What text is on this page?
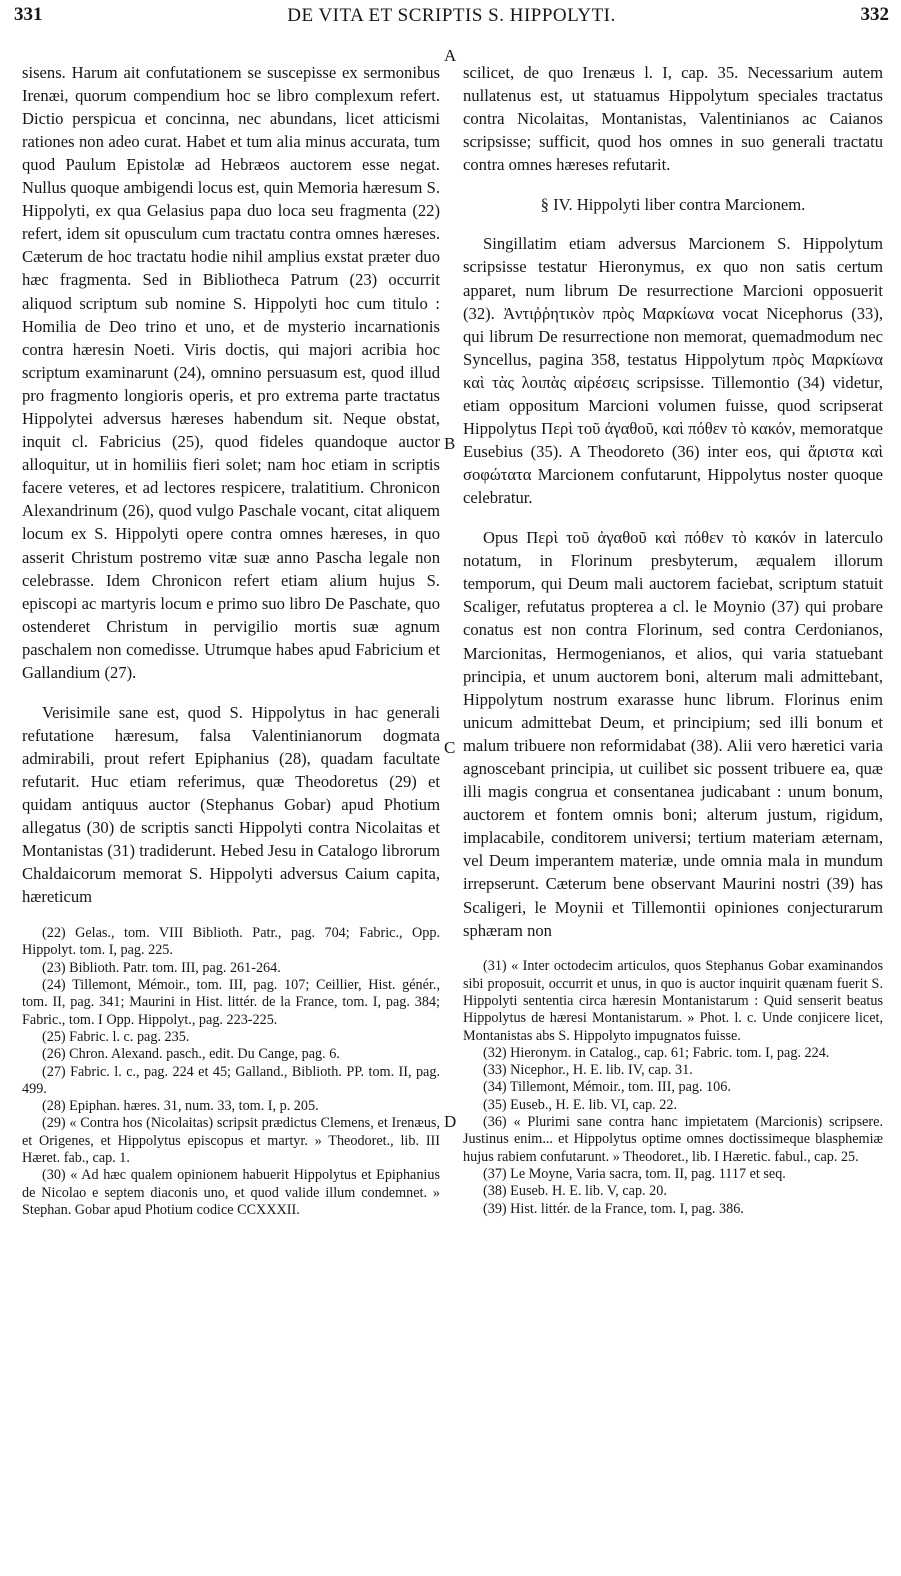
331	DE VITA ET SCRIPTIS S. HIPPOLYTI.	332
A
B
C
D

sisens. Harum ait confutationem se suscepisse ex sermonibus Irenæi, quorum compendium hoc se libro complexum refert. Dictio perspicua et concinna, nec abundans, licet atticismi rationes non adeo curat. Habet et tum alia minus accurata, tum quod Paulum Epistolæ ad Hebræos auctorem esse negat. Nullus quoque ambigendi locus est, quin Memoria hæresum S. Hippolyti, ex qua Gelasius papa duo loca seu fragmenta (22) refert, idem sit opusculum cum tractatu contra omnes hæreses. Cæterum de hoc tractatu hodie nihil amplius exstat præter duo hæc fragmenta. Sed in Bibliotheca Patrum (23) occurrit aliquod scriptum sub nomine S. Hippolyti hoc cum titulo : Homilia de Deo trino et uno, et de mysterio incarnationis contra hæresin Noeti. Viris doctis, qui majori acribia hoc scriptum examinarunt (24), omnino persuasum est, quod illud pro fragmento longioris operis, et pro extrema parte tractatus Hippolytei adversus hæreses habendum sit. Neque obstat, inquit cl. Fabricius (25), quod fideles quandoque auctor alloquitur, ut in homiliis fieri solet; nam hoc etiam in scriptis facere veteres, et ad lectores respicere, tralatitium. Chronicon Alexandrinum (26), quod vulgo Paschale vocant, citat aliquem locum ex S. Hippolyti opere contra omnes hæreses, in quo asserit Christum postremo vitæ suæ anno Pascha legale non celebrasse. Idem Chronicon refert etiam alium hujus S. episcopi ac martyris locum e primo suo libro De Paschate, quo ostenderet Christum in pervigilio mortis suæ agnum paschalem non comedisse. Utrumque habes apud Fabricium et Gallandium (27).

Verisimile sane est, quod S. Hippolytus in hac generali refutatione hæresum, falsa Valentinianorum dogmata admirabili, prout refert Epiphanius (28), quadam facultate refutarit. Huc etiam referimus, quæ Theodoretus (29) et quidam antiquus auctor (Stephanus Gobar) apud Photium allegatus (30) de scriptis sancti Hippolyti contra Nicolaitas et Montanistas (31) tradiderunt. Hebed Jesu in Catalogo librorum Chaldaicorum memorat S. Hippolyti adversus Caium capita, hæreticum

(22) Gelas., tom. VIII Biblioth. Patr., pag. 704; Fabric., Opp. Hippolyt. tom. I, pag. 225.

(23) Biblioth. Patr. tom. III, pag. 261-264.

(24) Tillemont, Mémoir., tom. III, pag. 107; Ceillier, Hist. génér., tom. II, pag. 341; Maurini in Hist. littér. de la France, tom. I, pag. 384; Fabric., tom. I Opp. Hippolyt., pag. 223-225.

(25) Fabric. l. c. pag. 235.

(26) Chron. Alexand. pasch., edit. Du Cange, pag. 6.

(27) Fabric. l. c., pag. 224 et 45; Galland., Biblioth. PP. tom. II, pag. 499.

(28) Epiphan. hæres. 31, num. 33, tom. I, p. 205.

(29) « Contra hos (Nicolaitas) scripsit prædictus Clemens, et Irenæus, et Origenes, et Hippolytus episcopus et martyr. » Theodoret., lib. III Hæret. fab., cap. 1.

(30) « Ad hæc qualem opinionem habuerit Hippolytus et Epiphanius de Nicolao e septem diaconis uno, et quod valide illum condemnet. » Stephan. Gobar apud Photium codice CCXXXII.

scilicet, de quo Irenæus l. I, cap. 35. Necessarium autem nullatenus est, ut statuamus Hippolytum speciales tractatus contra Nicolaitas, Montanistas, Valentinianos ac Caianos scripsisse; sufficit, quod hos omnes in suo generali tractatu contra omnes hæreses refutarit.

§ IV. Hippolyti liber contra Marcionem.

Singillatim etiam adversus Marcionem S. Hippolytum scripsisse testatur Hieronymus, ex quo non satis certum apparet, num librum De resurrectione Marcioni opposuerit (32). Ἀντιῤῥητικὸν πρὸς Μαρκίωνα vocat Nicephorus (33), qui librum De resurrectione non memorat, quemadmodum nec Syncellus, pagina 358, testatus Hippolytum πρὸς Μαρκίωνα καὶ τὰς λοιπὰς αἱρέσεις scripsisse. Tillemontio (34) videtur, etiam oppositum Marcioni volumen fuisse, quod scripserat Hippolytus Περὶ τοῦ ἀγαθοῦ, καὶ πόθεν τὸ κακόν, memoratque Eusebius (35). A Theodoreto (36) inter eos, qui ἄριστα καὶ σοφώτατα Marcionem confutarunt, Hippolytus noster quoque celebratur.

Opus Περὶ τοῦ ἀγαθοῦ καὶ πόθεν τὸ κακόν in laterculo notatum, in Florinum presbyterum, æqualem illorum temporum, qui Deum mali auctorem faciebat, scriptum statuit Scaliger, refutatus propterea a cl. le Moynio (37) qui probare conatus est non contra Florinum, sed contra Cerdonianos, Marcionitas, Hermogenianos, et alios, qui varia statuebant principia, et unum auctorem boni, alterum mali admittebant, Hippolytum nostrum exarasse hunc librum. Florinus enim unicum admittebat Deum, et principium; sed illi bonum et malum tribuere non reformidabat (38). Alii vero hæretici varia agnoscebant principia, ut cuilibet sic possent tribuere ea, quæ illi magis congrua et consentanea judicabant : unum bonum, auctorem et fontem omnis boni; alterum justum, rigidum, implacabile, conditorem universi; tertium materiam æternam, vel Deum imperantem materiæ, unde omnia mala in mundum irrepserunt. Cæterum bene observant Maurini nostri (39) has Scaligeri, le Moynii et Tillemontii opiniones conjecturarum sphæram non

(31) « Inter octodecim articulos, quos Stephanus Gobar examinandos sibi proposuit, occurrit et unus, in quo is auctor inquirit quænam fuerit S. Hippolyti sententia circa hæresin Montanistarum : Quid senserit beatus Hippolytus de hæresi Montanistarum. » Phot. l. c. Unde conjicere licet, Montanistas abs S. Hippolyto impugnatos fuisse.

(32) Hieronym. in Catalog., cap. 61; Fabric. tom. I, pag. 224.

(33) Nicephor., H. E. lib. IV, cap. 31.

(34) Tillemont, Mémoir., tom. III, pag. 106.

(35) Euseb., H. E. lib. VI, cap. 22.

(36) « Plurimi sane contra hanc impietatem (Marcionis) scripsere. Justinus enim... et Hippolytus optime omnes doctissimeque blasphemiæ hujus rabiem confutarunt. » Theodoret., lib. I Hæretic. fabul., cap. 25.

(37) Le Moyne, Varia sacra, tom. II, pag. 1117 et seq.

(38) Euseb. H. E. lib. V, cap. 20.

(39) Hist. littér. de la France, tom. I, pag. 386.
